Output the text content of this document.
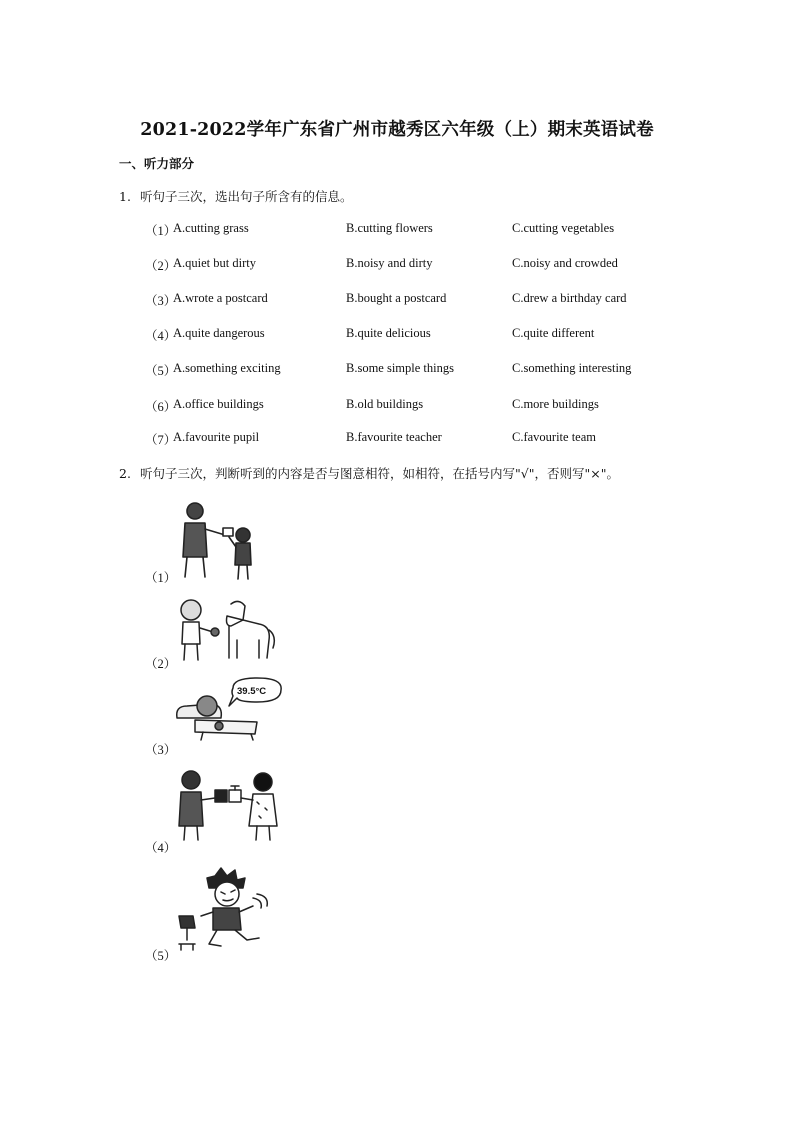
2021-2022学年广东省广州市越秀区六年级（上）期末英语试卷
一、听力部分
1. 听句子三次，选出句子所含有的信息。
（1）
A.cutting grass	B.cutting flowers	C.cutting vegetables
（2）
A.quiet but dirty	B.noisy and dirty	C.noisy and crowded
（3）
A.wrote a postcard	B.bought a postcard	C.drew a birthday card
（4）
A.quite dangerous	B.quite delicious	C.quite different
（5）
A.something exciting	B.some simple things	C.something interesting
（6）
A.office buildings	B.old buildings	C.more buildings
（7）
A.favourite pupil	B.favourite teacher	C.favourite team
2. 听句子三次，判断听到的内容是否与图意相符，如相符，在括号内写"√"，否则写"×"。
（1）
（2）
39.5°C
（3）
（4）
（5）
